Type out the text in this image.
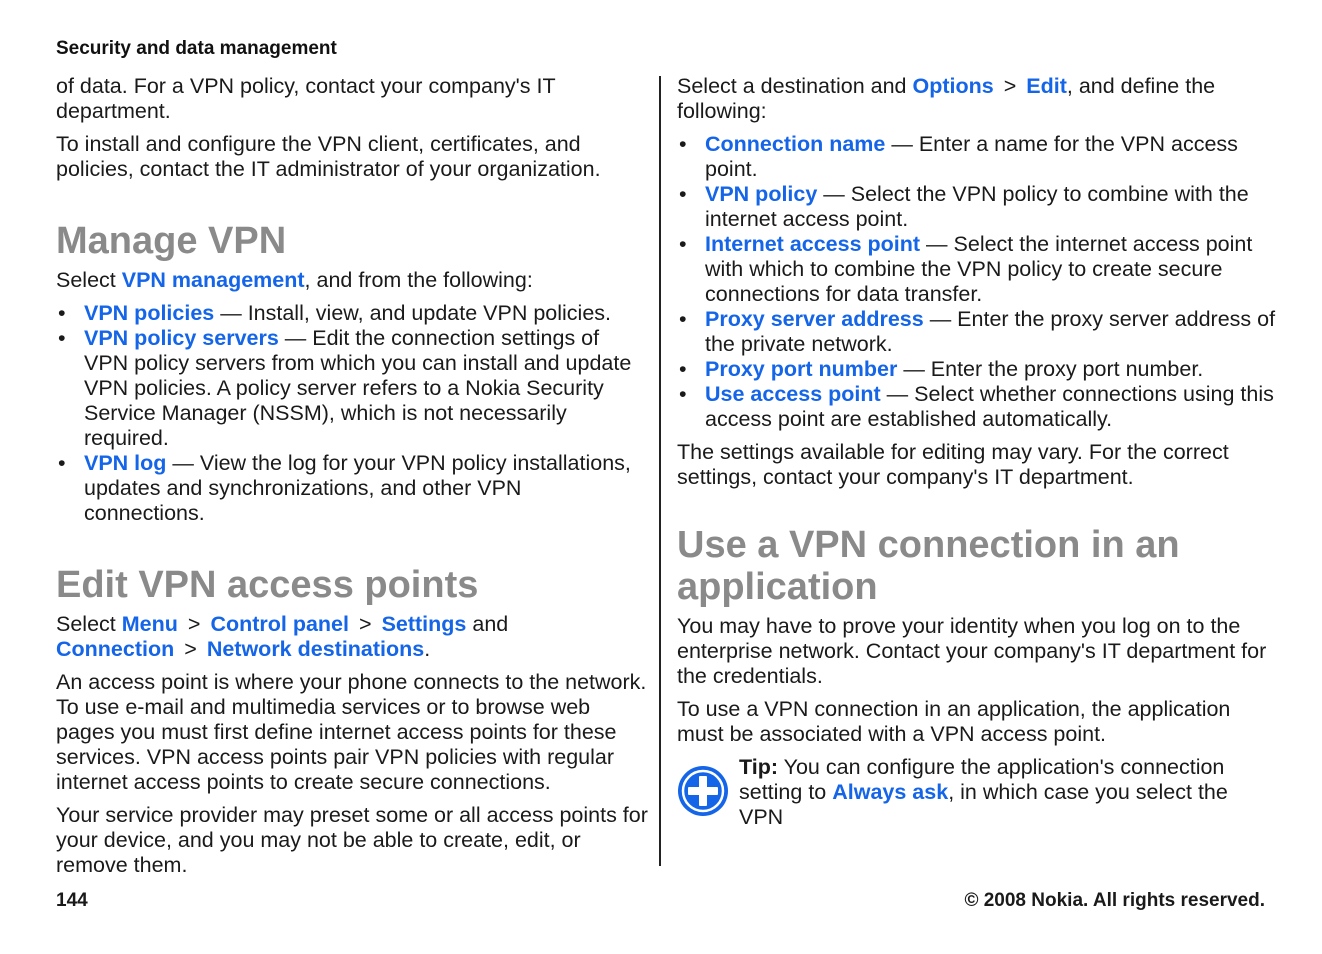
Security and data management

of data. For a VPN policy, contact your company's IT department.

To install and configure the VPN client, certificates, and policies, contact the IT administrator of your organization.

Manage VPN

Select VPN management, and from the following:

• VPN policies — Install, view, and update VPN policies.
• VPN policy servers — Edit the connection settings of VPN policy servers from which you can install and update VPN policies. A policy server refers to a Nokia Security Service Manager (NSSM), which is not necessarily required.
• VPN log — View the log for your VPN policy installations, updates and synchronizations, and other VPN connections.
Edit VPN access points

Select Menu > Control panel > Settings and
Connection > Network destinations.

An access point is where your phone connects to the network. To use e-mail and multimedia services or to browse web pages you must first define internet access points for these services. VPN access points pair VPN policies with regular internet access points to create secure connections.

Your service provider may preset some or all access points for your device, and you may not be able to create, edit, or remove them.

Select a destination and Options > Edit, and define the following:

• Connection name — Enter a name for the VPN access point.
• VPN policy — Select the VPN policy to combine with the internet access point.
• Internet access point — Select the internet access point with which to combine the VPN policy to create secure connections for data transfer.
• Proxy server address — Enter the proxy server address of the private network.
• Proxy port number — Enter the proxy port number.
• Use access point — Select whether connections using this access point are established automatically.

The settings available for editing may vary. For the correct settings, contact your company's IT department.

Use a VPN connection in an application

You may have to prove your identity when you log on to the enterprise network. Contact your company's IT department for the credentials.

To use a VPN connection in an application, the application must be associated with a VPN access point.

Tip: You can configure the application's connection setting to Always ask, in which case you select the VPN

144	© 2008 Nokia. All rights reserved.
